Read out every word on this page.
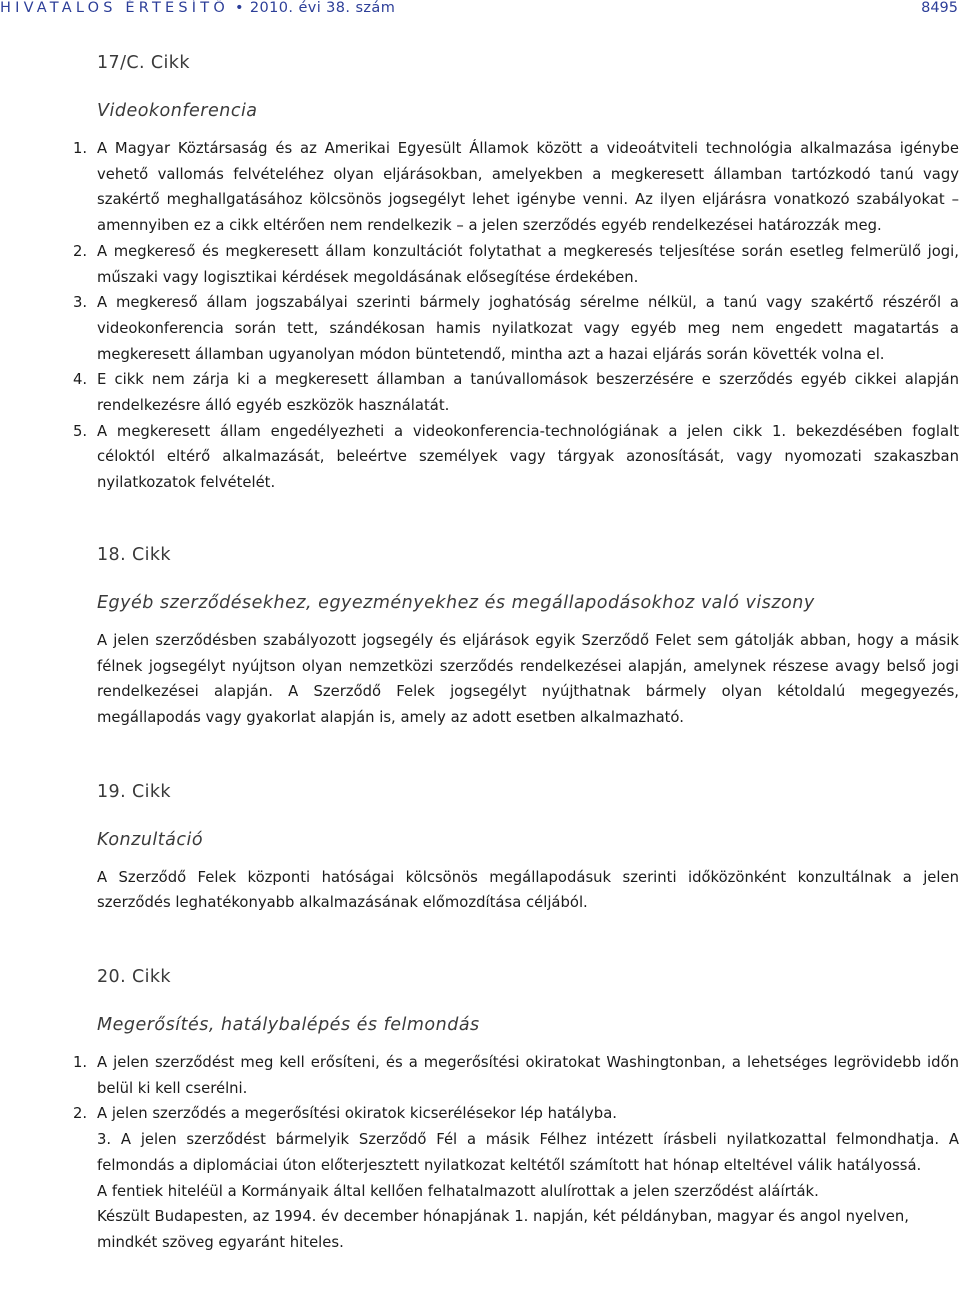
HIVATALOS ÉRTESÍTŐ • 2010. évi 38. szám	8495
17/C. Cikk
Videokonferencia
1. A Magyar Köztársaság és az Amerikai Egyesült Államok között a videoátviteli technológia alkalmazása igénybe vehető vallomás felvételéhez olyan eljárásokban, amelyekben a megkeresett államban tartózkodó tanú vagy szakértő meghallgatásához kölcsönös jogsegélyt lehet igénybe venni. Az ilyen eljárásra vonatkozó szabályokat – amennyiben ez a cikk eltérően nem rendelkezik – a jelen szerződés egyéb rendelkezései határozzák meg.
2. A megkereső és megkeresett állam konzultációt folytathat a megkeresés teljesítése során esetleg felmerülő jogi, műszaki vagy logisztikai kérdések megoldásának elősegítése érdekében.
3. A megkereső állam jogszabályai szerinti bármely joghatóság sérelme nélkül, a tanú vagy szakértő részéről a videokonferencia során tett, szándékosan hamis nyilatkozat vagy egyéb meg nem engedett magatartás a megkeresett államban ugyanolyan módon büntetendő, mintha azt a hazai eljárás során követték volna el.
4. E cikk nem zárja ki a megkeresett államban a tanúvallomások beszerzésére e szerződés egyéb cikkei alapján rendelkezésre álló egyéb eszközök használatát.
5. A megkeresett állam engedélyezheti a videokonferencia-technológiának a jelen cikk 1. bekezdésében foglalt céloktól eltérő alkalmazását, beleértve személyek vagy tárgyak azonosítását, vagy nyomozati szakaszban nyilatkozatok felvételét.
18. Cikk
Egyéb szerződésekhez, egyezményekhez és megállapodásokhoz való viszony
A jelen szerződésben szabályozott jogsegély és eljárások egyik Szerződő Felet sem gátolják abban, hogy a másik félnek jogsegélyt nyújtson olyan nemzetközi szerződés rendelkezései alapján, amelynek részese avagy belső jogi rendelkezései alapján. A Szerződő Felek jogsegélyt nyújthatnak bármely olyan kétoldalú megegyezés, megállapodás vagy gyakorlat alapján is, amely az adott esetben alkalmazható.
19. Cikk
Konzultáció
A Szerződő Felek központi hatóságai kölcsönös megállapodásuk szerinti időközönként konzultálnak a jelen szerződés leghatékonyabb alkalmazásának előmozdítása céljából.
20. Cikk
Megerősítés, hatálybalépés és felmondás
1. A jelen szerződést meg kell erősíteni, és a megerősítési okiratokat Washingtonban, a lehetséges legrövidebb időn belül ki kell cserélni.
2. A jelen szerződés a megerősítési okiratok kicserélésekor lép hatályba.
3. A jelen szerződést bármelyik Szerződő Fél a másik Félhez intézett írásbeli nyilatkozattal felmondhatja. A felmondás a diplomáciai úton előterjesztett nyilatkozat keltétől számított hat hónap elteltével válik hatályossá.
A fentiek hiteléül a Kormányaik által kellően felhatalmazott alulírottak a jelen szerződést aláírták.
Készült Budapesten, az 1994. év december hónapjának 1. napján, két példányban, magyar és angol nyelven, mindkét szöveg egyaránt hiteles.
